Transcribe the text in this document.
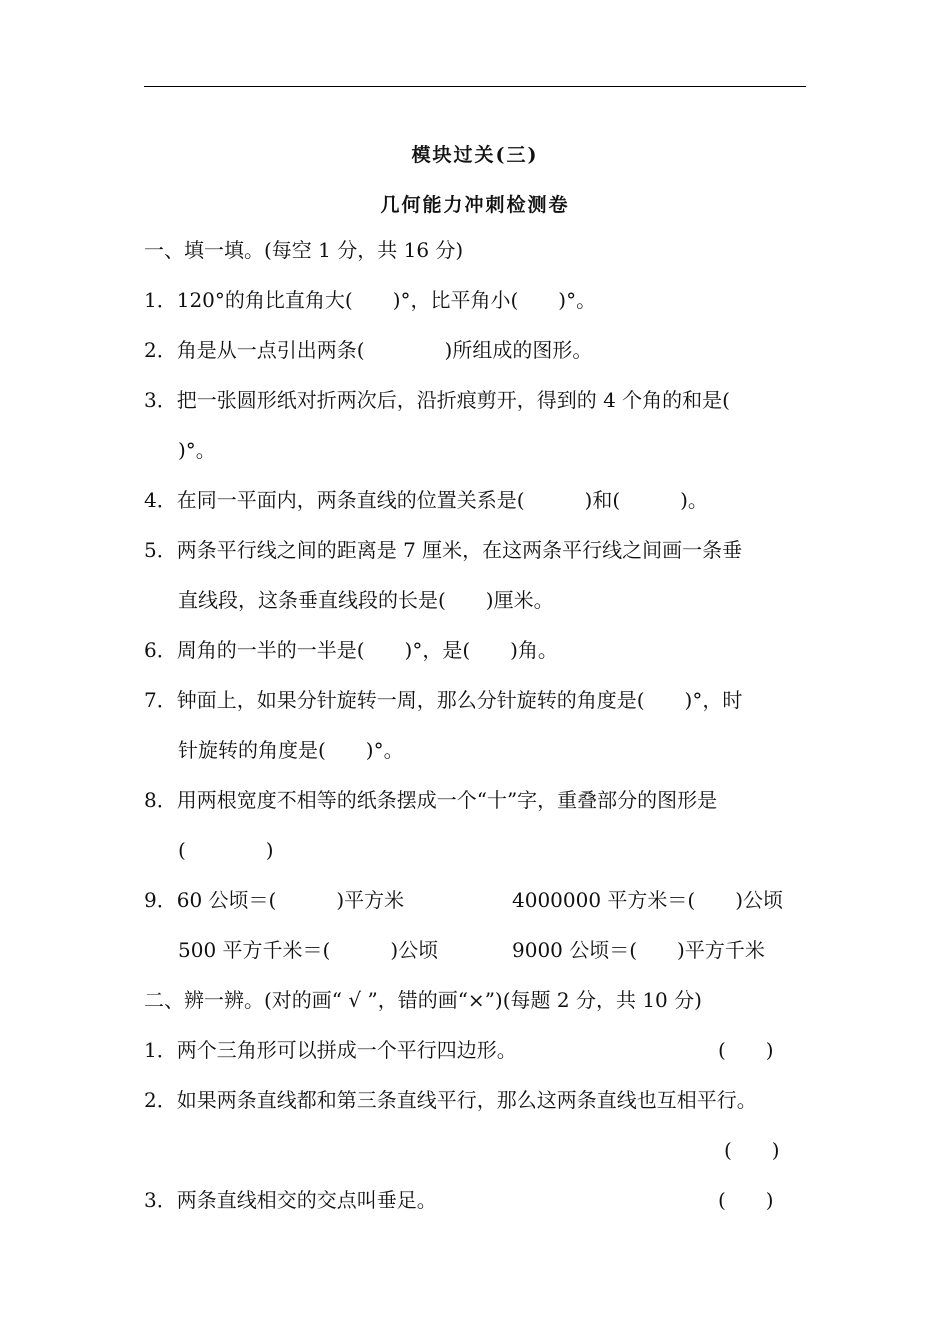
模块过关(三)
几何能力冲刺检测卷
一、填一填。(每空 1 分，共 16 分)
1．120°的角比直角大(　　)°，比平角小(　　)°。
2．角是从一点引出两条(　　　　)所组成的图形。
3．把一张圆形纸对折两次后，沿折痕剪开，得到的 4 个角的和是(
)°。
4．在同一平面内，两条直线的位置关系是(　　　)和(　　　)。
5．两条平行线之间的距离是 7 厘米，在这两条平行线之间画一条垂
直线段，这条垂直线段的长是(　　)厘米。
6．周角的一半的一半是(　　)°，是(　　)角。
7．钟面上，如果分针旋转一周，那么分针旋转的角度是(　　)°，时
针旋转的角度是(　　)°。
8．用两根宽度不相等的纸条摆成一个“十”字，重叠部分的图形是
(　　　　)
9．60 公顷＝(　　　)平方米	4000000 平方米＝(　　)公顷
500 平方千米＝(　　　)公顷	9000 公顷＝(　　)平方千米
二、辨一辨。(对的画“ √ ”，错的画“×”)(每题 2 分，共 10 分)
1．两个三角形可以拼成一个平行四边形。	(　　)
2．如果两条直线都和第三条直线平行，那么这两条直线也互相平行。
(　　)
3．两条直线相交的交点叫垂足。	(　　)
